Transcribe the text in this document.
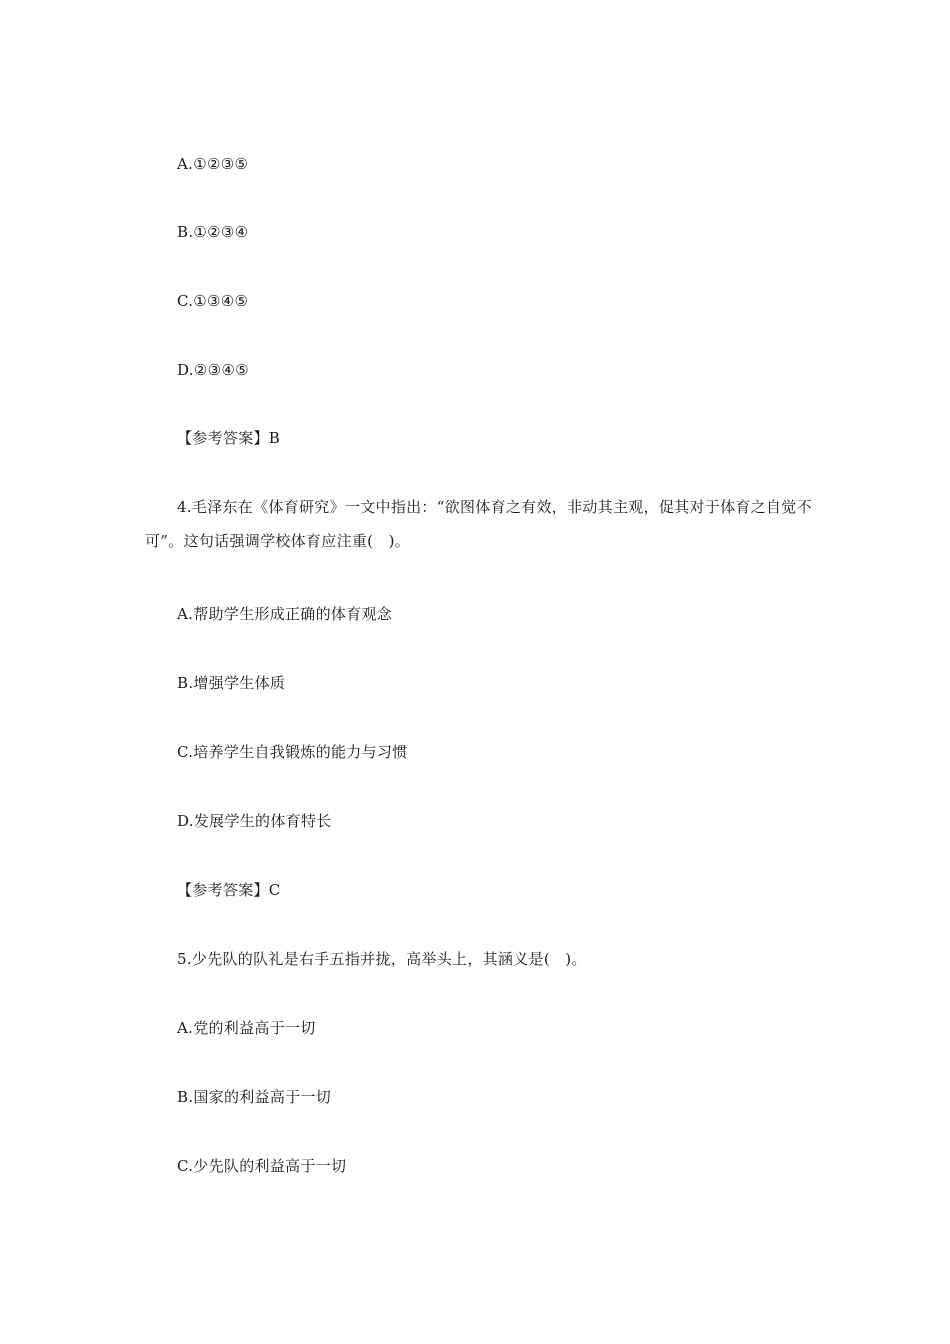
A.①②③⑤
B.①②③④
C.①③④⑤
D.②③④⑤
【参考答案】B
4.毛泽东在《体育研究》一文中指出：“欲图体育之有效，非动其主观，促其对于体育之自觉不可”。这句话强调学校体育应注重(　)。
A.帮助学生形成正确的体育观念
B.增强学生体质
C.培养学生自我锻炼的能力与习惯
D.发展学生的体育特长
【参考答案】C
5.少先队的队礼是右手五指并拢，高举头上，其涵义是(　)。
A.党的利益高于一切
B.国家的利益高于一切
C.少先队的利益高于一切
